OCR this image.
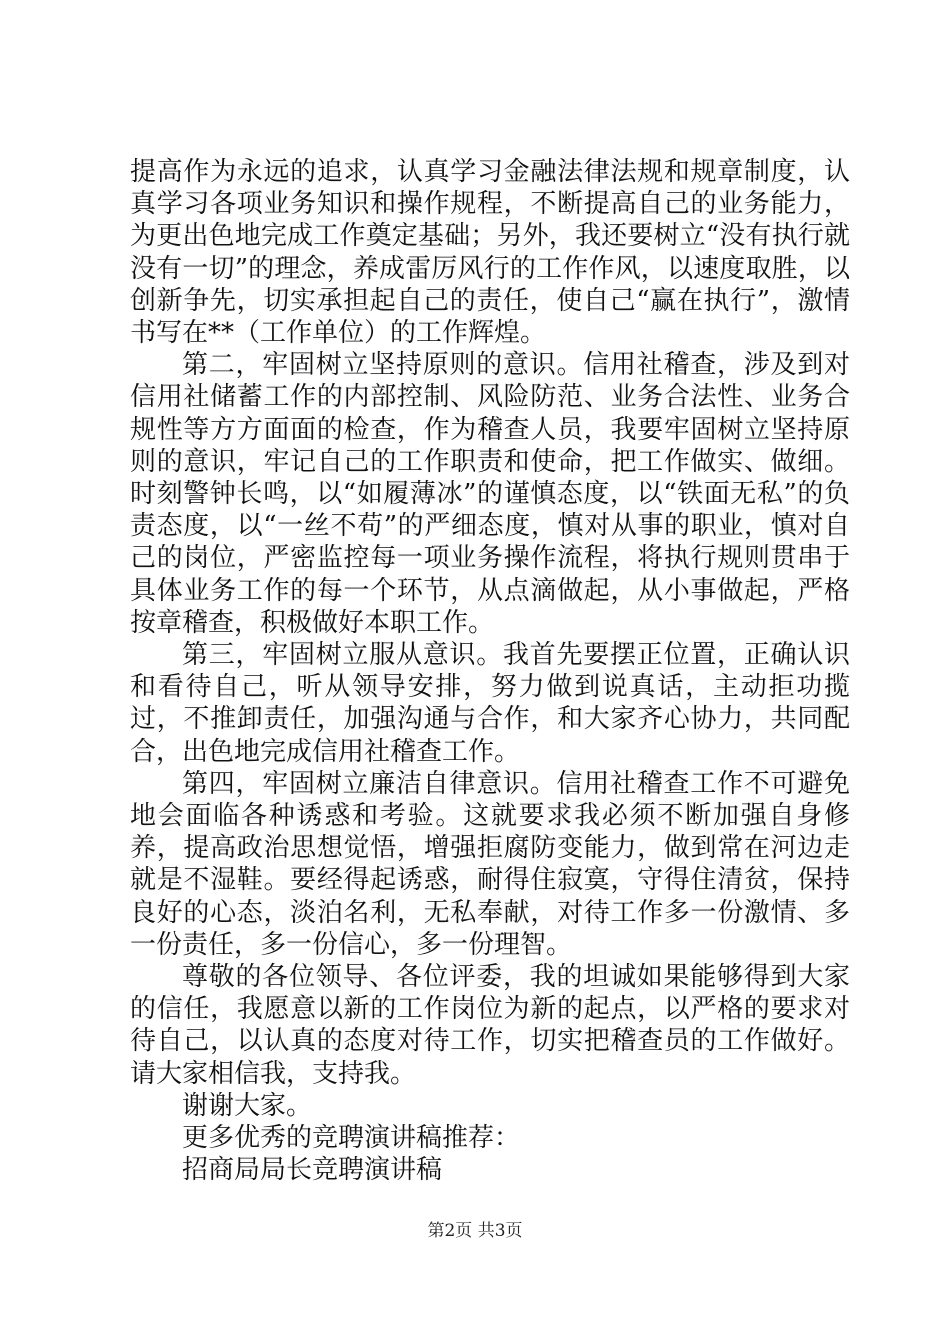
提高作为永远的追求，认真学习金融法律法规和规章制度，认真学习各项业务知识和操作规程，不断提高自己的业务能力，为更出色地完成工作奠定基础；另外，我还要树立“没有执行就没有一切”的理念，养成雷厉风行的工作作风，以速度取胜，以创新争先，切实承担起自己的责任，使自己“赢在执行”，激情书写在**（工作单位）的工作辉煌。

第二，牢固树立坚持原则的意识。信用社稽查，涉及到对信用社储蓄工作的内部控制、风险防范、业务合法性、业务合规性等方方面面的检查，作为稽查人员，我要牢固树立坚持原则的意识，牢记自己的工作职责和使命，把工作做实、做细。时刻警钟长鸣，以“如履薄冰”的谨慎态度，以“铁面无私”的负责态度，以“一丝不苟”的严细态度，慎对从事的职业，慎对自己的岗位，严密监控每一项业务操作流程，将执行规则贯串于具体业务工作的每一个环节，从点滴做起，从小事做起，严格按章稽查，积极做好本职工作。

第三，牢固树立服从意识。我首先要摆正位置，正确认识和看待自己，听从领导安排，努力做到说真话，主动拒功揽过，不推卸责任，加强沟通与合作，和大家齐心协力，共同配合，出色地完成信用社稽查工作。

第四，牢固树立廉洁自律意识。信用社稽查工作不可避免地会面临各种诱惑和考验。这就要求我必须不断加强自身修养，提高政治思想觉悟，增强拒腐防变能力，做到常在河边走就是不湿鞋。要经得起诱惑，耐得住寂寞，守得住清贫，保持良好的心态，淡泊名利，无私奉献，对待工作多一份激情、多一份责任，多一份信心，多一份理智。

尊敬的各位领导、各位评委，我的坦诚如果能够得到大家的信任，我愿意以新的工作岗位为新的起点，以严格的要求对待自己，以认真的态度对待工作，切实把稽查员的工作做好。请大家相信我，支持我。

谢谢大家。

更多优秀的竞聘演讲稿推荐：

招商局局长竞聘演讲稿

第2页 共3页
